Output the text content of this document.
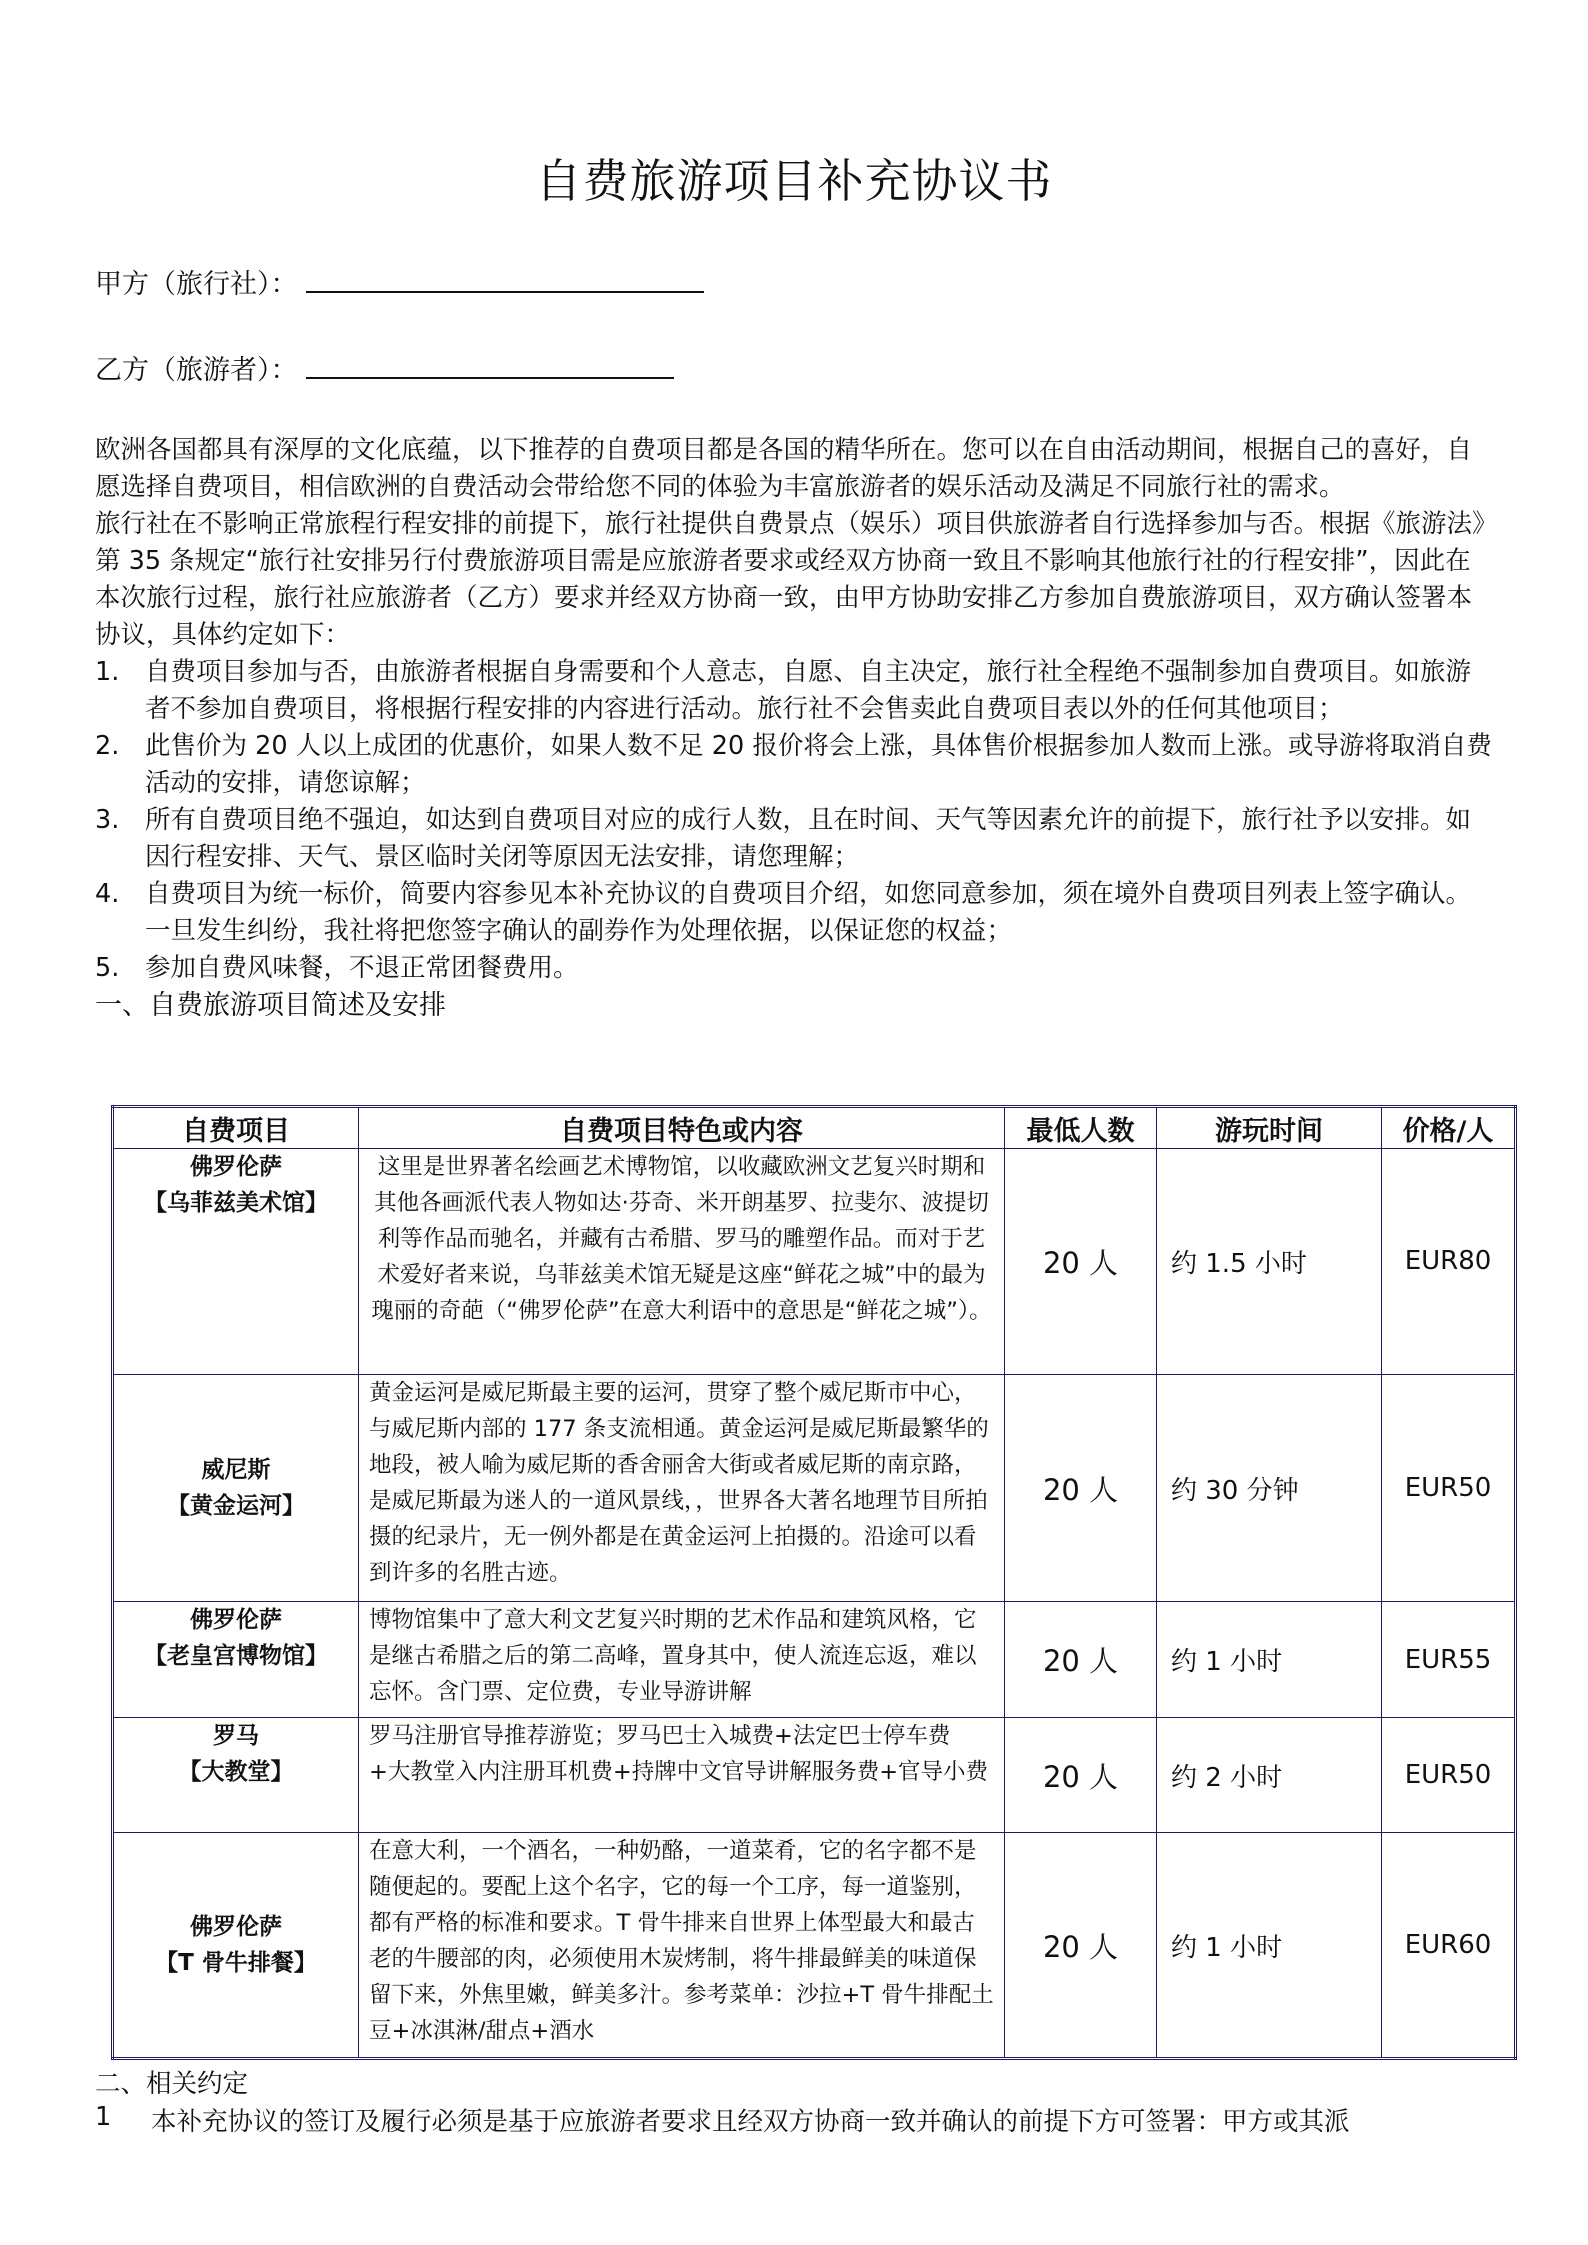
自费旅游项目补充协议书
甲方（旅行社）：
乙方（旅游者）：

欧洲各国都具有深厚的文化底蕴，以下推荐的自费项目都是各国的精华所在。您可以在自由活动期间，根据自己的喜好，自愿选择自费项目，相信欧洲的自费活动会带给您不同的体验为丰富旅游者的娱乐活动及满足不同旅行社的需求。

旅行社在不影响正常旅程行程安排的前提下，旅行社提供自费景点（娱乐）项目供旅游者自行选择参加与否。根据《旅游法》第 35 条规定“旅行社安排另行付费旅游项目需是应旅游者要求或经双方协商一致且不影响其他旅行社的行程安排”，因此在本次旅行过程，旅行社应旅游者（乙方）要求并经双方协商一致，由甲方协助安排乙方参加自费旅游项目，双方确认签署本协议，具体约定如下：

1.	自费项目参加与否，由旅游者根据自身需要和个人意志，自愿、自主决定，旅行社全程绝不强制参加自费项目。如旅游者不参加自费项目，将根据行程安排的内容进行活动。旅行社不会售卖此自费项目表以外的任何其他项目；
2.	此售价为 20 人以上成团的优惠价，如果人数不足 20 报价将会上涨，具体售价根据参加人数而上涨。或导游将取消自费活动的安排，请您谅解；
3.	所有自费项目绝不强迫，如达到自费项目对应的成行人数，且在时间、天气等因素允许的前提下，旅行社予以安排。如因行程安排、天气、景区临时关闭等原因无法安排，请您理解；
4.	自费项目为统一标价，简要内容参见本补充协议的自费项目介绍，如您同意参加，须在境外自费项目列表上签字确认。一旦发生纠纷，我社将把您签字确认的副券作为处理依据，以保证您的权益；
5.	参加自费风味餐，不退正常团餐费用。
一、自费旅游项目简述及安排
自费项目	自费项目特色或内容	最低人数	游玩时间	价格/人

佛罗伦萨
【乌菲兹美术馆】	这里是世界著名绘画艺术博物馆，以收藏欧洲文艺复兴时期和其他各画派代表人物如达·芬奇、米开朗基罗、拉斐尔、波提切利等作品而驰名，并藏有古希腊、罗马的雕塑作品。而对于艺术爱好者来说，乌菲兹美术馆无疑是这座“鲜花之城”中的最为瑰丽的奇葩（“佛罗伦萨”在意大利语中的意思是“鲜花之城”）。	20 人	约 1.5 小时	EUR80

威尼斯
【黄金运河】	黄金运河是威尼斯最主要的运河，贯穿了整个威尼斯市中心，与威尼斯内部的 177 条支流相通。黄金运河是威尼斯最繁华的地段，被人喻为威尼斯的香舍丽舍大街或者威尼斯的南京路，是威尼斯最为迷人的一道风景线，，世界各大著名地理节目所拍摄的纪录片，无一例外都是在黄金运河上拍摄的。沿途可以看到许多的名胜古迹。	20 人	约 30 分钟	EUR50

佛罗伦萨
【老皇宫博物馆】	博物馆集中了意大利文艺复兴时期的艺术作品和建筑风格，它是继古希腊之后的第二高峰，置身其中，使人流连忘返，难以忘怀。含门票、定位费，专业导游讲解	20 人	约 1 小时	EUR55

罗马
【大教堂】	罗马注册官导推荐游览；罗马巴士入城费+法定巴士停车费 +大教堂入内注册耳机费+持牌中文官导讲解服务费+官导小费	20 人	约 2 小时	EUR50

佛罗伦萨
【T 骨牛排餐】	在意大利，一个酒名，一种奶酪，一道菜肴，它的名字都不是随便起的。要配上这个名字，它的每一个工序，每一道鉴别，都有严格的标准和要求。T 骨牛排来自世界上体型最大和最古老的牛腰部的肉，必须使用木炭烤制，将牛排最鲜美的味道保留下来，外焦里嫩，鲜美多汁。参考菜单：沙拉+T 骨牛排配土豆+冰淇淋/甜点+酒水	20 人	约 1 小时	EUR60
二、相关约定
1	本补充协议的签订及履行必须是基于应旅游者要求且经双方协商一致并确认的前提下方可签署：甲方或其派
